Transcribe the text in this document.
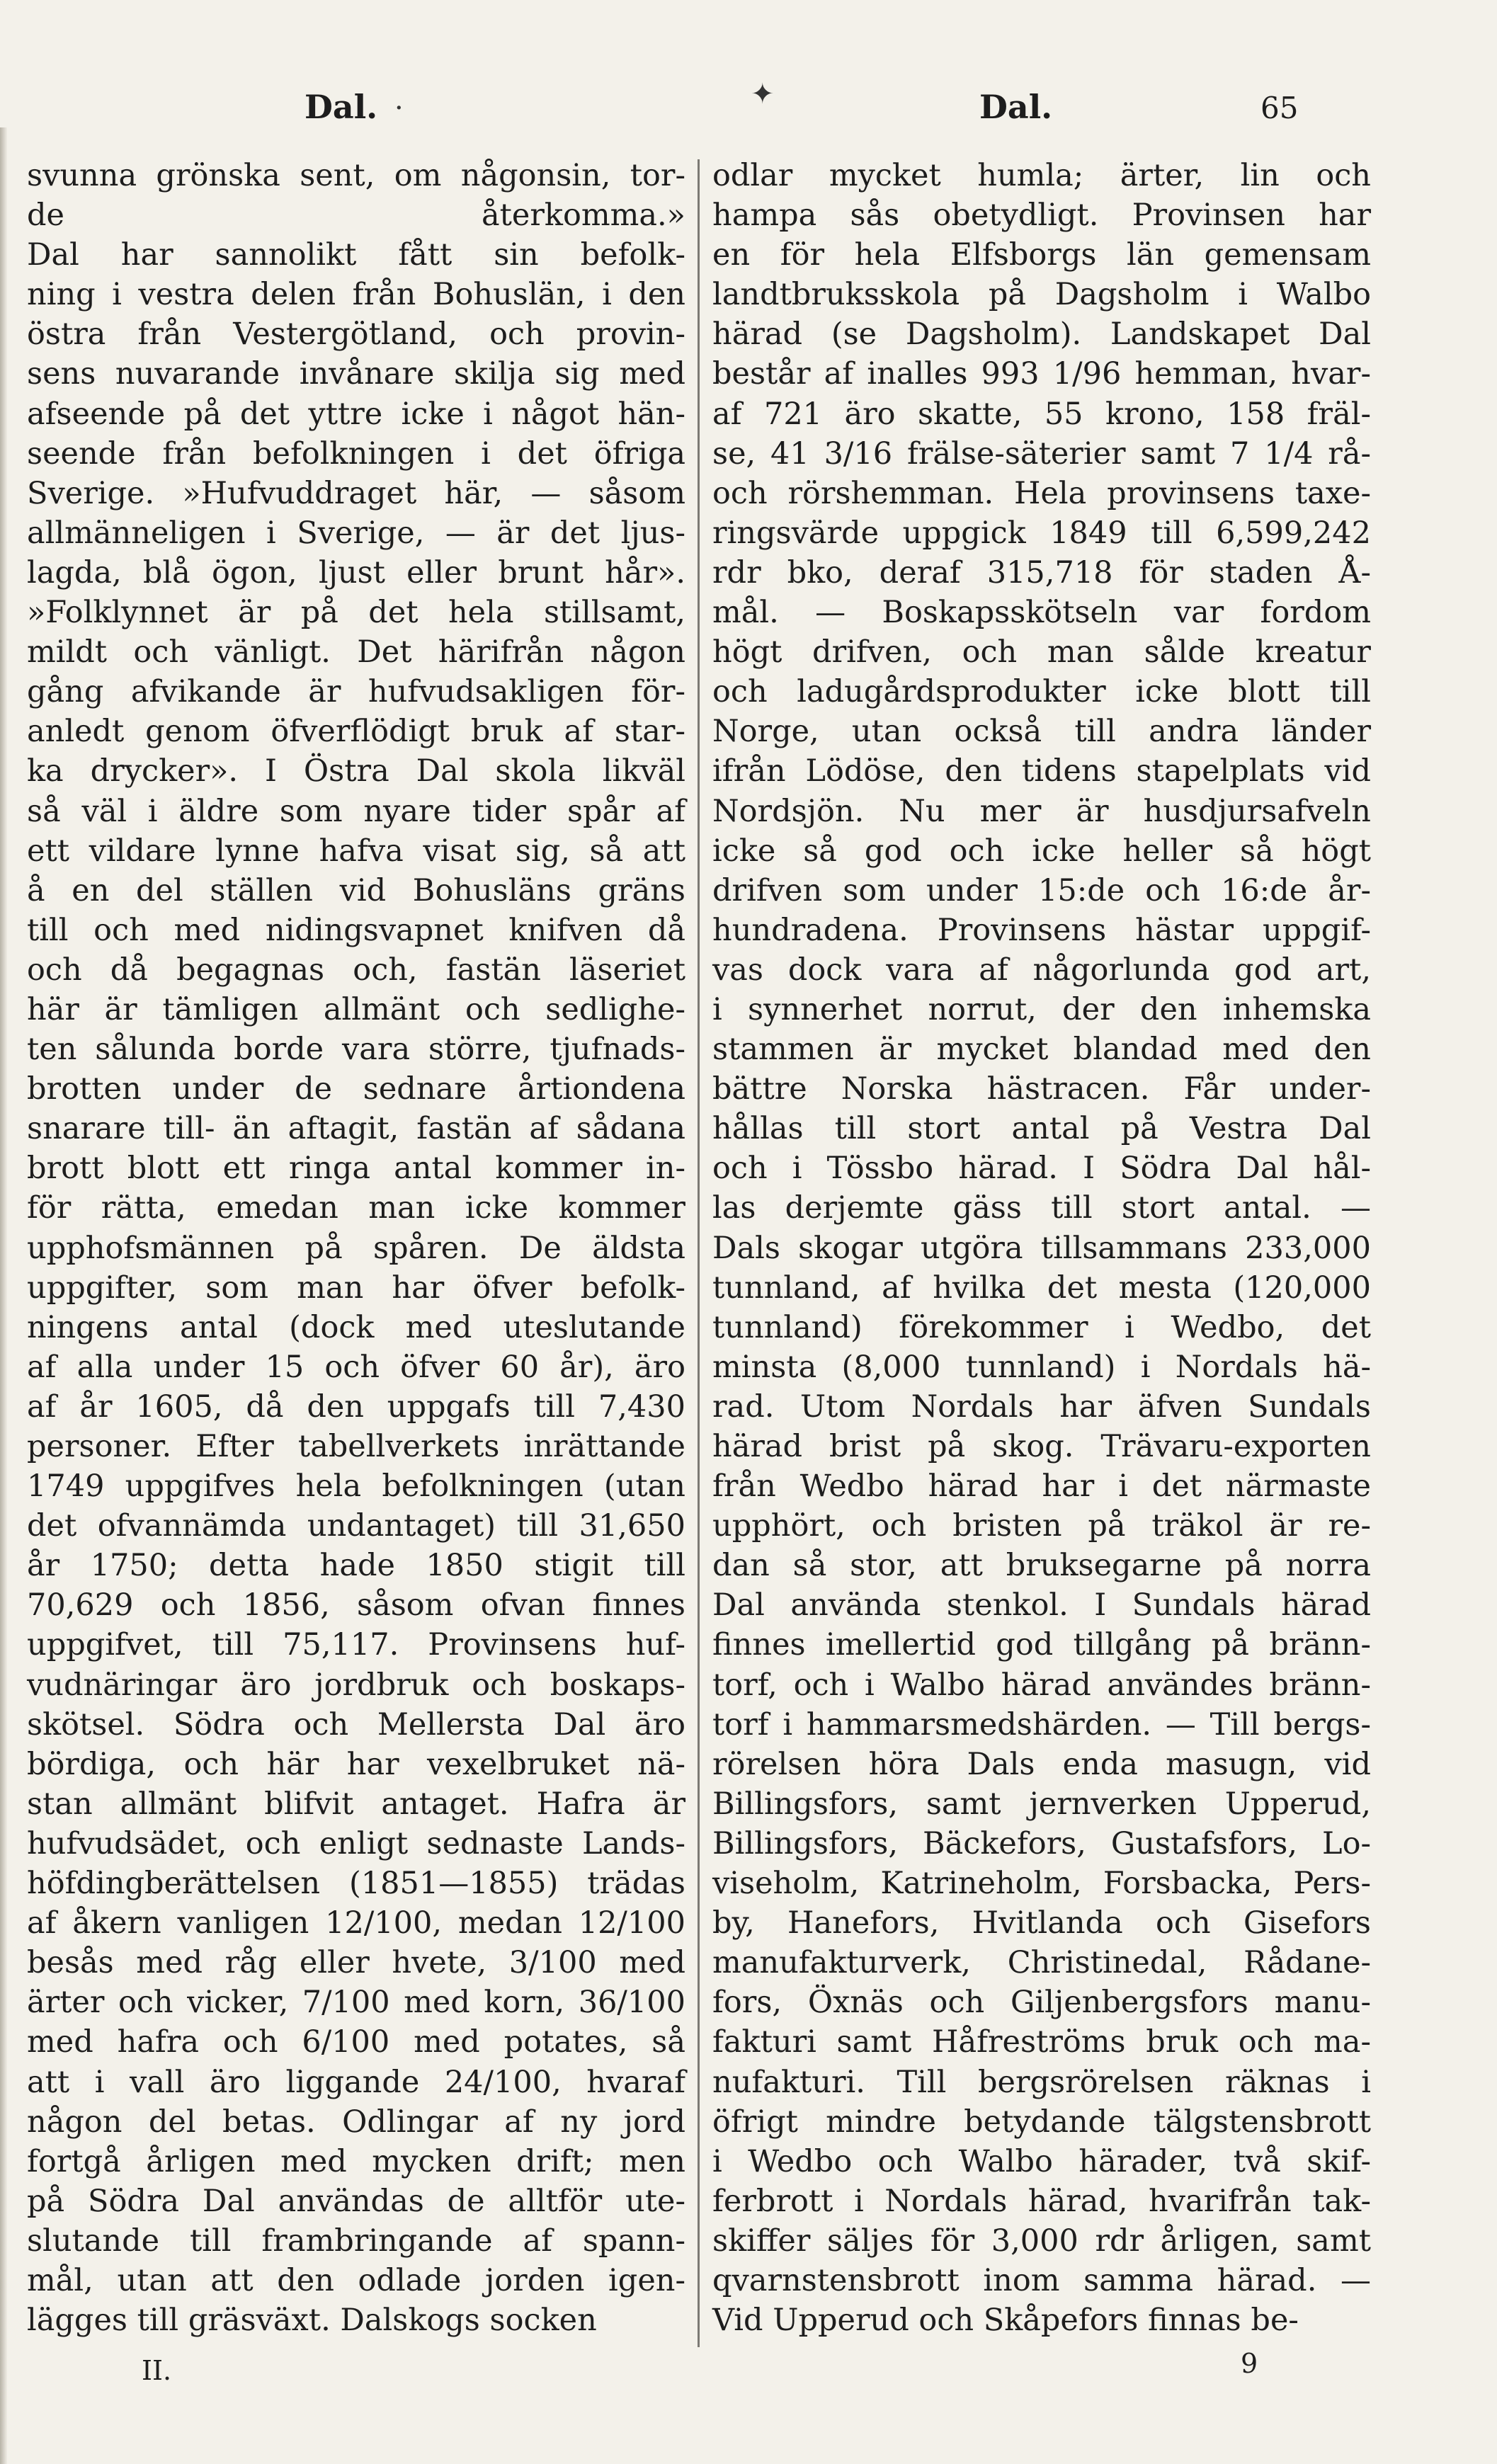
Dal. ·	✦	Dal.	65
svunna grönska sent, om någonsin, tor-
de återkomma.»
Dal har sannolikt fått sin befolk-
ning i vestra delen från Bohuslän, i den
östra från Vestergötland, och provin-
sens nuvarande invånare skilja sig med
afseende på det yttre icke i något hän-
seende från befolkningen i det öfriga
Sverige. »Hufvuddraget här, — såsom
allmänneligen i Sverige, — är det ljus-
lagda, blå ögon, ljust eller brunt hår».
»Folklynnet är på det hela stillsamt,
mildt och vänligt. Det härifrån någon
gång afvikande är hufvudsakligen för-
anledt genom öfverflödigt bruk af star-
ka drycker». I Östra Dal skola likväl
så väl i äldre som nyare tider spår af
ett vildare lynne hafva visat sig, så att
å en del ställen vid Bohusläns gräns
till och med nidingsvapnet knifven då
och då begagnas och, fastän läseriet
här är tämligen allmänt och sedlighe-
ten sålunda borde vara större, tjufnads-
brotten under de sednare årtiondena
snarare till- än aftagit, fastän af sådana
brott blott ett ringa antal kommer in-
för rätta, emedan man icke kommer
upphofsmännen på spåren. De äldsta
uppgifter, som man har öfver befolk-
ningens antal (dock med uteslutande
af alla under 15 och öfver 60 år), äro
af år 1605, då den uppgafs till 7,430
personer. Efter tabellverkets inrättande
1749 uppgifves hela befolkningen (utan
det ofvannämda undantaget) till 31,650
år 1750; detta hade 1850 stigit till
70,629 och 1856, såsom ofvan finnes
uppgifvet, till 75,117. Provinsens huf-
vudnäringar äro jordbruk och boskaps-
skötsel. Södra och Mellersta Dal äro
bördiga, och här har vexelbruket nä-
stan allmänt blifvit antaget. Hafra är
hufvudsädet, och enligt sednaste Lands-
höfdingberättelsen (1851—1855) trädas
af åkern vanligen 12/100, medan 12/100
besås med råg eller hvete, 3/100 med
ärter och vicker, 7/100 med korn, 36/100
med hafra och 6/100 med potates, så
att i vall äro liggande 24/100, hvaraf
någon del betas. Odlingar af ny jord
fortgå årligen med mycken drift; men
på Södra Dal användas de alltför ute-
slutande till frambringande af spann-
mål, utan att den odlade jorden igen-
lägges till gräsväxt. Dalskogs socken
odlar mycket humla; ärter, lin och
hampa sås obetydligt. Provinsen har
en för hela Elfsborgs län gemensam
landtbruksskola på Dagsholm i Walbo
härad (se Dagsholm). Landskapet Dal
består af inalles 993 1/96 hemman, hvar-
af 721 äro skatte, 55 krono, 158 fräl-
se, 41 3/16 frälse-säterier samt 7 1/4 rå-
och rörshemman. Hela provinsens taxe-
ringsvärde uppgick 1849 till 6,599,242
rdr bko, deraf 315,718 för staden Å-
mål. — Boskapsskötseln var fordom
högt drifven, och man sålde kreatur
och ladugårdsprodukter icke blott till
Norge, utan också till andra länder
ifrån Lödöse, den tidens stapelplats vid
Nordsjön. Nu mer är husdjursafveln
icke så god och icke heller så högt
drifven som under 15:de och 16:de år-
hundradena. Provinsens hästar uppgif-
vas dock vara af någorlunda god art,
i synnerhet norrut, der den inhemska
stammen är mycket blandad med den
bättre Norska hästracen. Får under-
hållas till stort antal på Vestra Dal
och i Tössbo härad. I Södra Dal hål-
las derjemte gäss till stort antal. —
Dals skogar utgöra tillsammans 233,000
tunnland, af hvilka det mesta (120,000
tunnland) förekommer i Wedbo, det
minsta (8,000 tunnland) i Nordals hä-
rad. Utom Nordals har äfven Sundals
härad brist på skog. Trävaru-exporten
från Wedbo härad har i det närmaste
upphört, och bristen på träkol är re-
dan så stor, att bruksegarne på norra
Dal använda stenkol. I Sundals härad
finnes imellertid god tillgång på bränn-
torf, och i Walbo härad användes bränn-
torf i hammarsmedshärden. — Till bergs-
rörelsen höra Dals enda masugn, vid
Billingsfors, samt jernverken Upperud,
Billingsfors, Bäckefors, Gustafsfors, Lo-
viseholm, Katrineholm, Forsbacka, Pers-
by, Hanefors, Hvitlanda och Gisefors
manufakturverk, Christinedal, Rådane-
fors, Öxnäs och Giljenbergsfors manu-
fakturi samt Håfreströms bruk och ma-
nufakturi. Till bergsrörelsen räknas i
öfrigt mindre betydande tälgstensbrott
i Wedbo och Walbo härader, två skif-
ferbrott i Nordals härad, hvarifrån tak-
skiffer säljes för 3,000 rdr årligen, samt
qvarnstensbrott inom samma härad. —
Vid Upperud och Skåpefors finnas be-
II.	9
